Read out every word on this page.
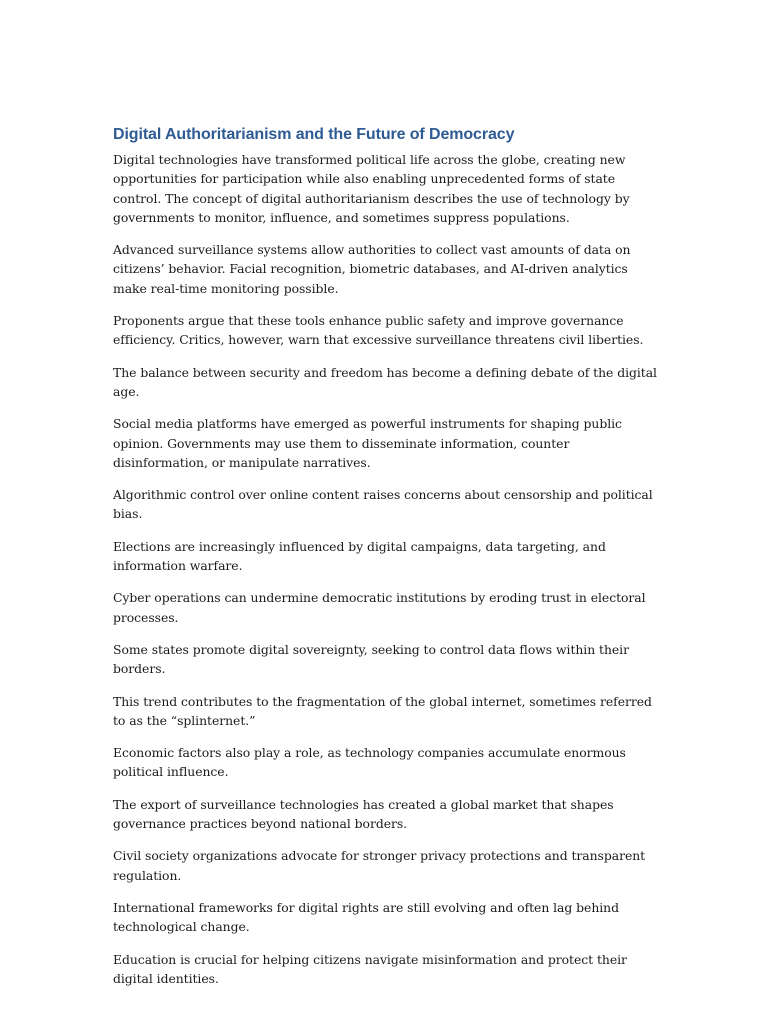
Digital Authoritarianism and the Future of Democracy

Digital technologies have transformed political life across the globe, creating new opportunities for participation while also enabling unprecedented forms of state control. The concept of digital authoritarianism describes the use of technology by governments to monitor, influence, and sometimes suppress populations.

Advanced surveillance systems allow authorities to collect vast amounts of data on citizens’ behavior. Facial recognition, biometric databases, and AI-driven analytics make real-time monitoring possible.

Proponents argue that these tools enhance public safety and improve governance efficiency. Critics, however, warn that excessive surveillance threatens civil liberties.

The balance between security and freedom has become a defining debate of the digital age.

Social media platforms have emerged as powerful instruments for shaping public opinion. Governments may use them to disseminate information, counter disinformation, or manipulate narratives.

Algorithmic control over online content raises concerns about censorship and political bias.

Elections are increasingly influenced by digital campaigns, data targeting, and information warfare.

Cyber operations can undermine democratic institutions by eroding trust in electoral processes.

Some states promote digital sovereignty, seeking to control data flows within their borders.

This trend contributes to the fragmentation of the global internet, sometimes referred to as the “splinternet.”

Economic factors also play a role, as technology companies accumulate enormous political influence.

The export of surveillance technologies has created a global market that shapes governance practices beyond national borders.

Civil society organizations advocate for stronger privacy protections and transparent regulation.

International frameworks for digital rights are still evolving and often lag behind technological change.

Education is crucial for helping citizens navigate misinformation and protect their digital identities.
